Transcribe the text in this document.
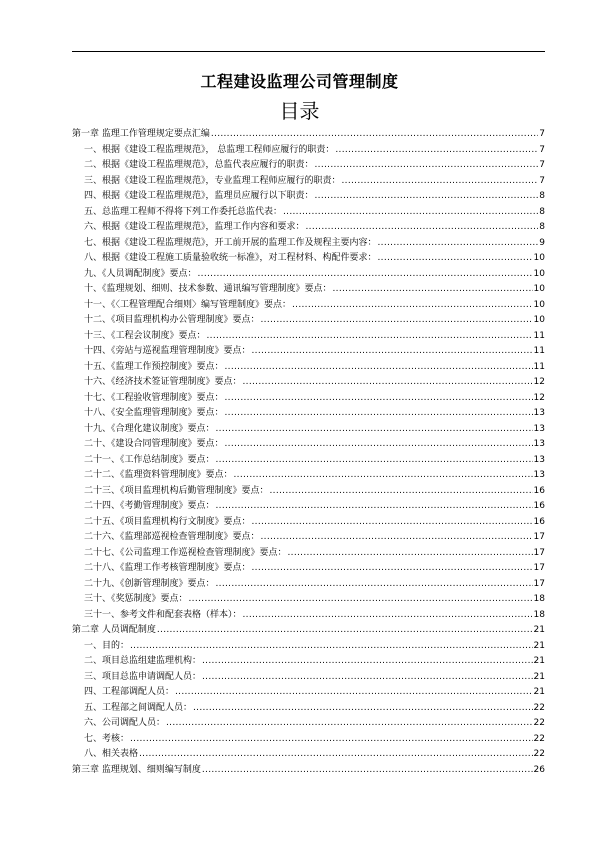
工程建设监理公司管理制度
目录
第一章 监理工作管理规定要点汇编 .....	7
一、根据《建设工程监理规范》， 总监理工程师应履行的职责： .....	7
二、根据《建设工程监理规范》，总监代表应履行的职责： .....	7
三、根据《建设工程监理规范》，专业监理工程师应履行的职责： .....	7
四、根据《建设工程监理规范》，监理员应履行以下职责： .....	8
五、总监理工程师不得将下列工作委托总监代表： .....	8
六、根据《建设工程监理规范》，监理工作内容和要求： .....	8
七、根据《建设工程监理规范》，开工前开展的监理工作及规程主要内容： .....	9
八、根据《建设工程施工质量验收统一标准》，对工程材料、构配件要求： .....	10
九、《人员调配制度》要点： .....	10
十、《监理规划、细则、技术参数、通讯编写管理制度》要点： .....	10
十一、《〈工程管理配合细则〉编写管理制度》要点： .....	10
十二、《项目监理机构办公管理制度》要点： .....	10
十三、《工程会议制度》要点： .....	11
十四、《旁站与巡视监理管理制度》要点： .....	11
十五、《监理工作预控制度》要点： .....	11
十六、《经济技术签证管理制度》要点： .....	12
十七、《工程验收管理制度》要点： .....	12
十八、《安全监理管理制度》要点： .....	13
十九、《合理化建议制度》要点： .....	13
二十、《建设合同管理制度》要点： .....	13
二十一、《工作总结制度》要点： .....	13
二十二、《监理资料管理制度》要点： .....	13
二十三、《项目监理机构后勤管理制度》要点： .....	16
二十四、《考勤管理制度》要点： .....	16
二十五、《项目监理机构行文制度》要点： .....	16
二十六、《监理部巡视检查管理制度》要点： .....	17
二十七、《公司监理工作巡视检查管理制度》要点： .....	17
二十八、《监理工作考核管理制度》要点： .....	17
二十九、《创新管理制度》要点： .....	17
三十、《奖惩制度》要点： .....	18
三十一、参考文件和配套表格（样本）： .....	18
第二章 人员调配制度 .....	21
一、目的： .....	21
二、项目总监组建监理机构： .....	21
三、项目总监申请调配人员： .....	21
四、工程部调配人员： .....	21
五、工程部之间调配人员： .....	22
六、公司调配人员： .....	22
七、考核： .....	22
八、相关表格 .....	22
第三章 监理规划、细则编写制度 .....	26
